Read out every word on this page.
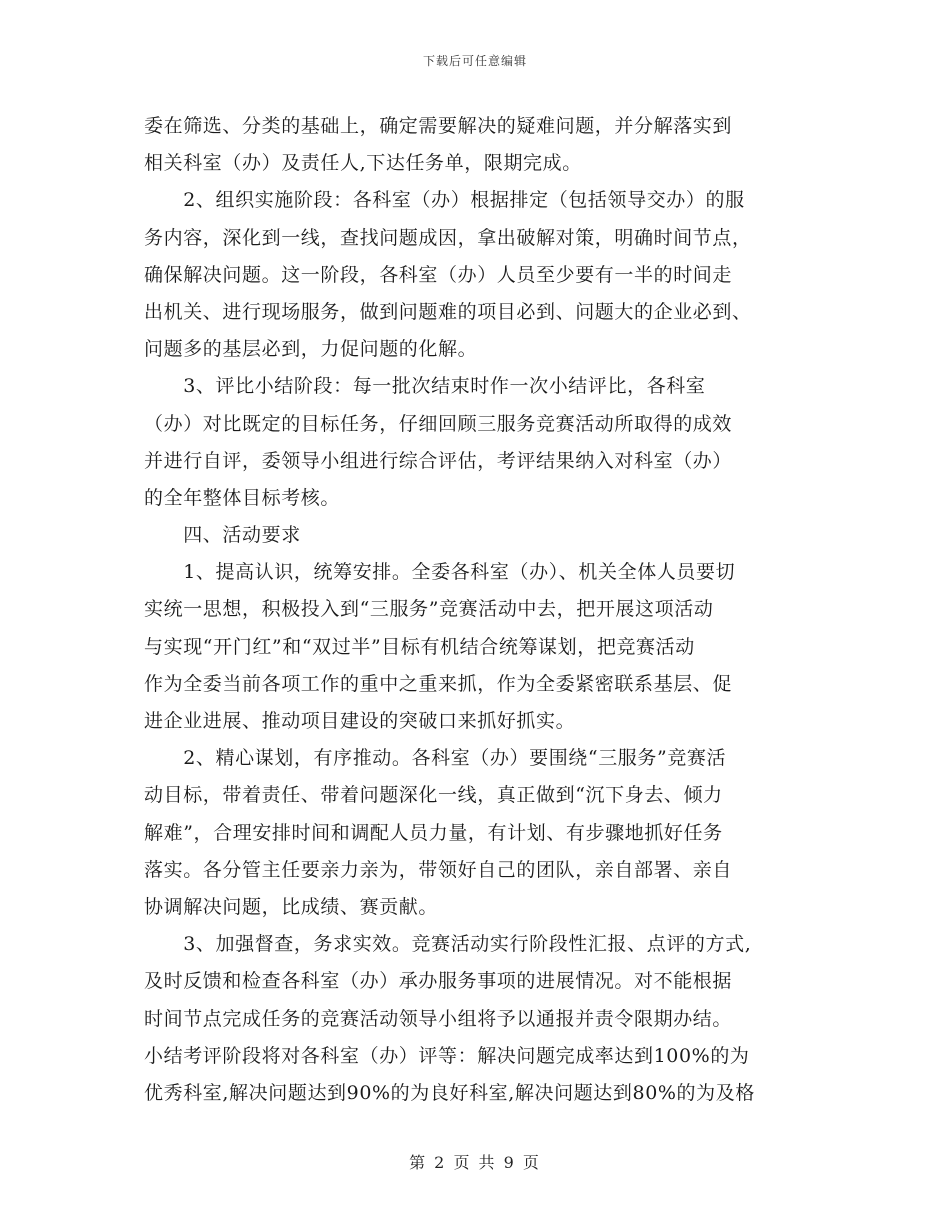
下载后可任意编辑
委在筛选、分类的基础上，确定需要解决的疑难问题，并分解落实到
相关科室（办）及责任人,下达任务单，限期完成。
　　2、组织实施阶段：各科室（办）根据排定（包括领导交办）的服
务内容，深化到一线，查找问题成因，拿出破解对策，明确时间节点，
确保解决问题。这一阶段，各科室（办）人员至少要有一半的时间走
出机关、进行现场服务，做到问题难的项目必到、问题大的企业必到、
问题多的基层必到，力促问题的化解。
　　3、评比小结阶段：每一批次结束时作一次小结评比，各科室
（办）对比既定的目标任务，仔细回顾三服务竞赛活动所取得的成效
并进行自评，委领导小组进行综合评估，考评结果纳入对科室（办）
的全年整体目标考核。
　　四、活动要求
　　1、提高认识，统筹安排。全委各科室（办）、机关全体人员要切
实统一思想，积极投入到“三服务”竞赛活动中去，把开展这项活动
与实现“开门红”和“双过半”目标有机结合统筹谋划，把竞赛活动
作为全委当前各项工作的重中之重来抓，作为全委紧密联系基层、促
进企业进展、推动项目建设的突破口来抓好抓实。
　　2、精心谋划，有序推动。各科室（办）要围绕“三服务”竞赛活
动目标，带着责任、带着问题深化一线，真正做到“沉下身去、倾力
解难”，合理安排时间和调配人员力量，有计划、有步骤地抓好任务
落实。各分管主任要亲力亲为，带领好自己的团队，亲自部署、亲自
协调解决问题，比成绩、赛贡献。
　　3、加强督查，务求实效。竞赛活动实行阶段性汇报、点评的方式,
及时反馈和检查各科室（办）承办服务事项的进展情况。对不能根据
时间节点完成任务的竞赛活动领导小组将予以通报并责令限期办结。
小结考评阶段将对各科室（办）评等：解决问题完成率达到100%的为
优秀科室,解决问题达到90%的为良好科室,解决问题达到80%的为及格
第 2 页 共 9 页
